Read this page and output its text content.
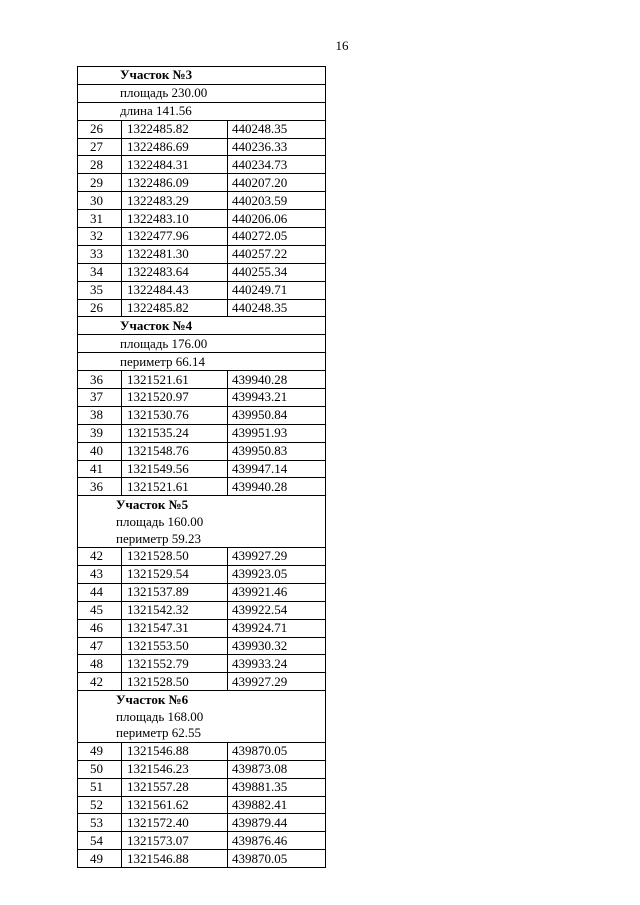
16
Участок №3		
площадь 230.00		
длина 141.56		
26	1322485.82	440248.35
27	1322486.69	440236.33
28	1322484.31	440234.73
29	1322486.09	440207.20
30	1322483.29	440203.59
31	1322483.10	440206.06
32	1322477.96	440272.05
33	1322481.30	440257.22
34	1322483.64	440255.34
35	1322484.43	440249.71
26	1322485.82	440248.35
Участок №4		
площадь 176.00		
периметр 66.14		
36	1321521.61	439940.28
37	1321520.97	439943.21
38	1321530.76	439950.84
39	1321535.24	439951.93
40	1321548.76	439950.83
41	1321549.56	439947.14
36	1321521.61	439940.28
Участок №5		
площадь 160.00		
периметр 59.23		
42	1321528.50	439927.29
43	1321529.54	439923.05
44	1321537.89	439921.46
45	1321542.32	439922.54
46	1321547.31	439924.71
47	1321553.50	439930.32
48	1321552.79	439933.24
42	1321528.50	439927.29
Участок №6		
площадь 168.00		
периметр 62.55		
49	1321546.88	439870.05
50	1321546.23	439873.08
51	1321557.28	439881.35
52	1321561.62	439882.41
53	1321572.40	439879.44
54	1321573.07	439876.46
49	1321546.88	439870.05
